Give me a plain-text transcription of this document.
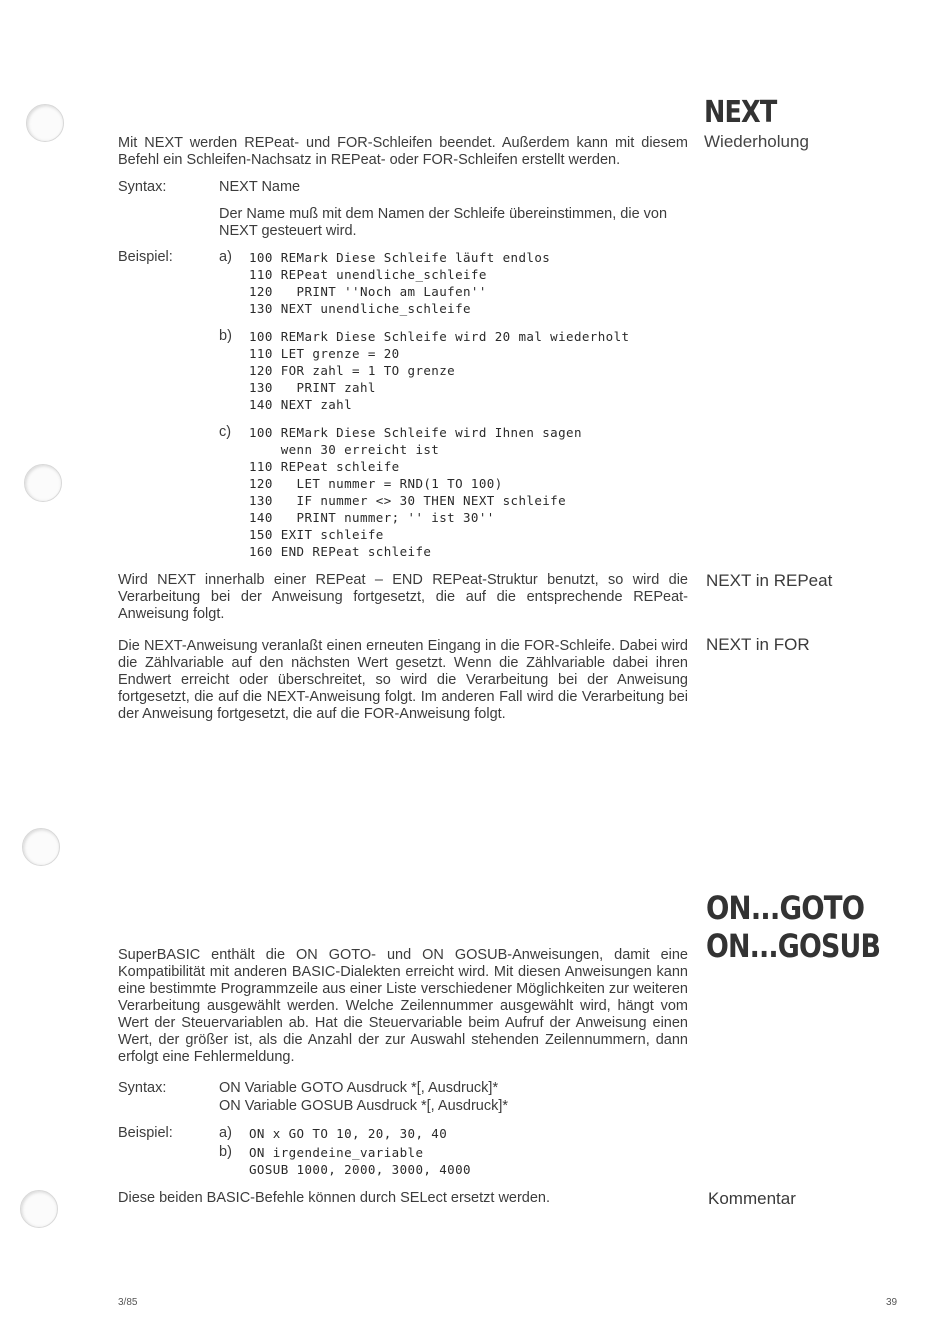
NEXT
Wiederholung
NEXT in REPeat
NEXT in FOR
ON...GOTO
ON...GOSUB
Kommentar
Mit NEXT werden REPeat- und FOR-Schleifen beendet. Außerdem kann mit diesem Befehl ein Schleifen-Nachsatz in REPeat- oder FOR-Schleifen erstellt werden.
Syntax:	NEXT Name
Der Name muß mit dem Namen der Schleife übereinstimmen, die von NEXT gesteuert wird.
Beispiel:	a)	100 REMark Diese Schleife läuft endlos
110 REPeat unendliche_schleife
120   PRINT ''Noch am Laufen''
130 NEXT unendliche_schleife
b)	100 REMark Diese Schleife wird 20 mal wiederholt
110 LET grenze = 20
120 FOR zahl = 1 TO grenze
130   PRINT zahl
140 NEXT zahl
c)	100 REMark Diese Schleife wird Ihnen sagen
wenn 30 erreicht ist
110 REPeat schleife
120   LET nummer = RND(1 TO 100)
130   IF nummer <> 30 THEN NEXT schleife
140   PRINT nummer; '' ist 30''
150 EXIT schleife
160 END REPeat schleife
Wird NEXT innerhalb einer REPeat – END REPeat-Struktur benutzt, so wird die Verarbeitung bei der Anweisung fortgesetzt, die auf die entsprechende REPeat-Anweisung folgt.
Die NEXT-Anweisung veranlaßt einen erneuten Eingang in die FOR-Schleife. Dabei wird die Zählvariable auf den nächsten Wert gesetzt. Wenn die Zählvariable dabei ihren Endwert erreicht oder überschreitet, so wird die Verarbeitung bei der Anweisung fortgesetzt, die auf die NEXT-Anweisung folgt. Im anderen Fall wird die Verarbeitung bei der Anweisung fortgesetzt, die auf die FOR-Anweisung folgt.
SuperBASIC enthält die ON GOTO- und ON GOSUB-Anweisungen, damit eine Kompatibilität mit anderen BASIC-Dialekten erreicht wird. Mit diesen Anweisungen kann eine bestimmte Programmzeile aus einer Liste verschiedener Möglichkeiten zur weiteren Verarbeitung ausgewählt werden. Welche Zeilennummer ausgewählt wird, hängt vom Wert der Steuervariablen ab. Hat die Steuervariable beim Aufruf der Anweisung einen Wert, der größer ist, als die Anzahl der zur Auswahl stehenden Zeilennummern, dann erfolgt eine Fehlermeldung.
Syntax:	ON Variable GOTO Ausdruck *[, Ausdruck]*
ON Variable GOSUB Ausdruck *[, Ausdruck]*
Beispiel:	a)	ON x GO TO 10, 20, 30, 40
b)	ON irgendeine_variable
GOSUB 1000, 2000, 3000, 4000
Diese beiden BASIC-Befehle können durch SELect ersetzt werden.
3/85	39
